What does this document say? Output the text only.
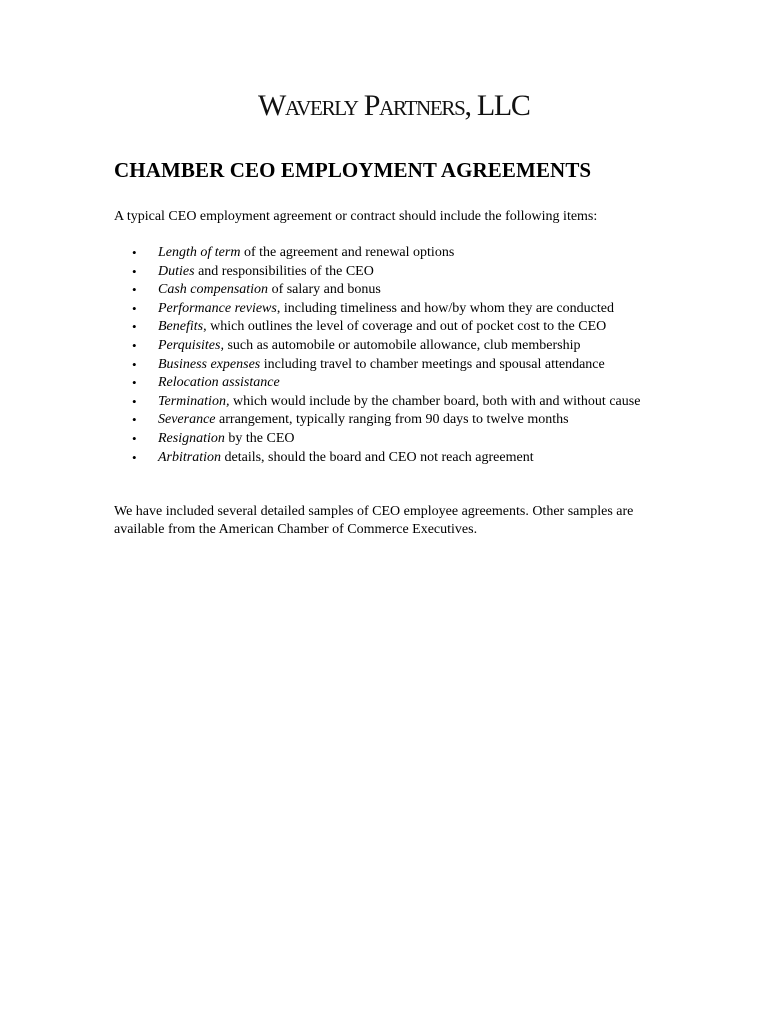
Waverly Partners, LLC
CHAMBER CEO EMPLOYMENT AGREEMENTS

A typical CEO employment agreement or contract should include the following items:

• Length of term of the agreement and renewal options
• Duties and responsibilities of the CEO
• Cash compensation of salary and bonus
• Performance reviews, including timeliness and how/by whom they are conducted
• Benefits, which outlines the level of coverage and out of pocket cost to the CEO
• Perquisites, such as automobile or automobile allowance, club membership
• Business expenses including travel to chamber meetings and spousal attendance
• Relocation assistance
• Termination, which would include by the chamber board, both with and without cause
• Severance arrangement, typically ranging from 90 days to twelve months
• Resignation by the CEO
• Arbitration details, should the board and CEO not reach agreement

We have included several detailed samples of CEO employee agreements. Other samples are available from the American Chamber of Commerce Executives.
